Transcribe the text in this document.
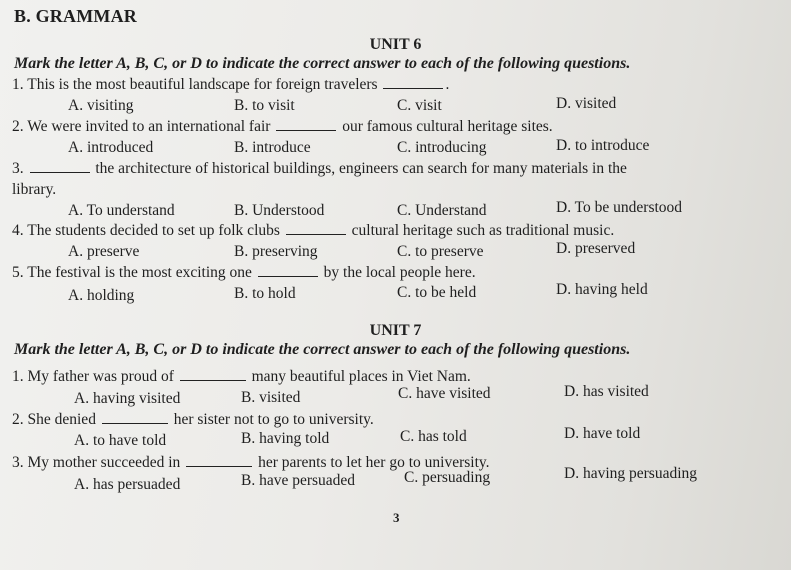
B. GRAMMAR
UNIT 6
Mark the letter A, B, C, or D to indicate the correct answer to each of the following questions.
1. This is the most beautiful landscape for foreign travelers	.
A. visiting	B. to visit	C. visit	D. visited
2. We were invited to an international fair	our famous cultural heritage sites.
A. introduced	B. introduce	C. introducing	D. to introduce
3.	the architecture of historical buildings, engineers can search for many materials in the
library.
A. To understand	B. Understood	C. Understand	D. To be understood
4. The students decided to set up folk clubs	cultural heritage such as traditional music.
A. preserve	B. preserving	C. to preserve	D. preserved
5. The festival is the most exciting one	by the local people here.
A. holding	B. to hold	C. to be held	D. having held
UNIT 7
Mark the letter A, B, C, or D to indicate the correct answer to each of the following questions.
1. My father was proud of	many beautiful places in Viet Nam.
A. having visited	B. visited	C. have visited	D. has visited
2. She denied	her sister not to go to university.
A. to have told	B. having told	C. has told	D. have told
3. My mother succeeded in	her parents to let her go to university.
A. has persuaded	B. have persuaded	C. persuading	D. having persuading
3
